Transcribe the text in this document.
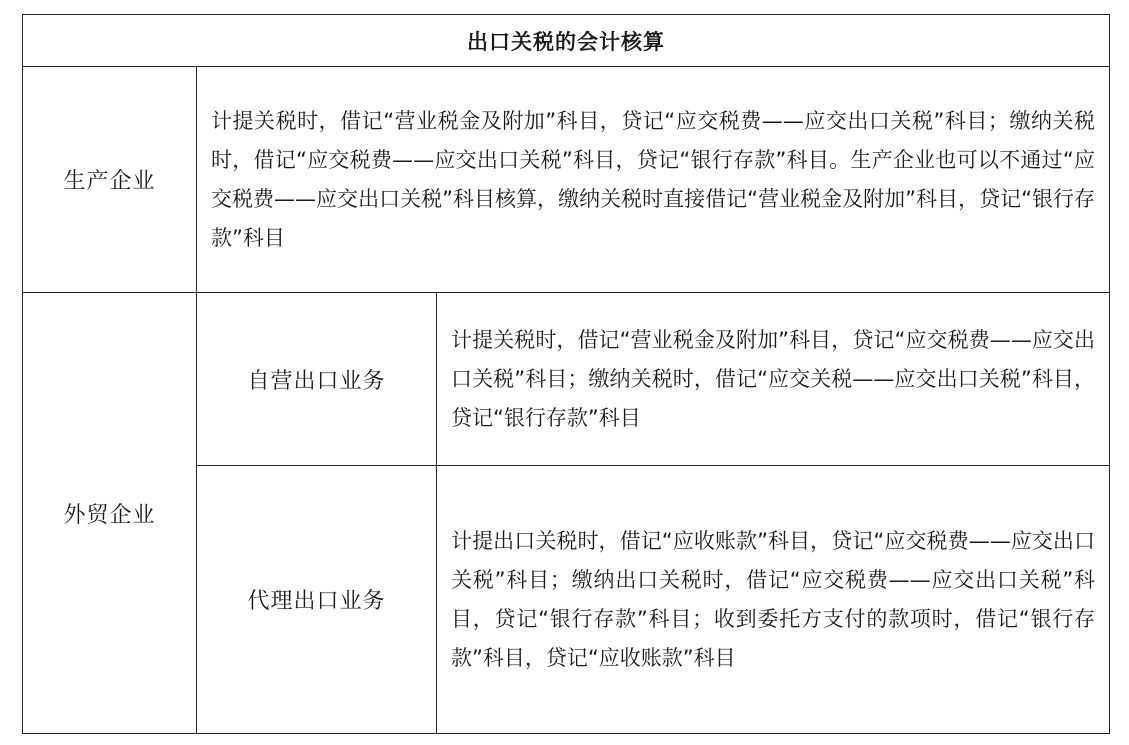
出口关税的会计核算		
生产企业	计提关税时，借记“营业税金及附加”科目，贷记“应交税费——应交出口关税”科目；缴纳关税时，借记“应交税费——应交出口关税”科目，贷记“银行存款”科目。生产企业也可以不通过“应交税费——应交出口关税”科目核算，缴纳关税时直接借记“营业税金及附加”科目，贷记“银行存款”科目	
外贸企业	自营出口业务	计提关税时，借记“营业税金及附加”科目，贷记“应交税费——应交出口关税”科目；缴纳关税时，借记“应交关税——应交出口关税”科目，贷记“银行存款”科目
	代理出口业务	计提出口关税时，借记“应收账款”科目，贷记“应交税费——应交出口关税”科目；缴纳出口关税时，借记“应交税费——应交出口关税”科目，贷记“银行存款”科目；收到委托方支付的款项时，借记“银行存款”科目，贷记“应收账款”科目
